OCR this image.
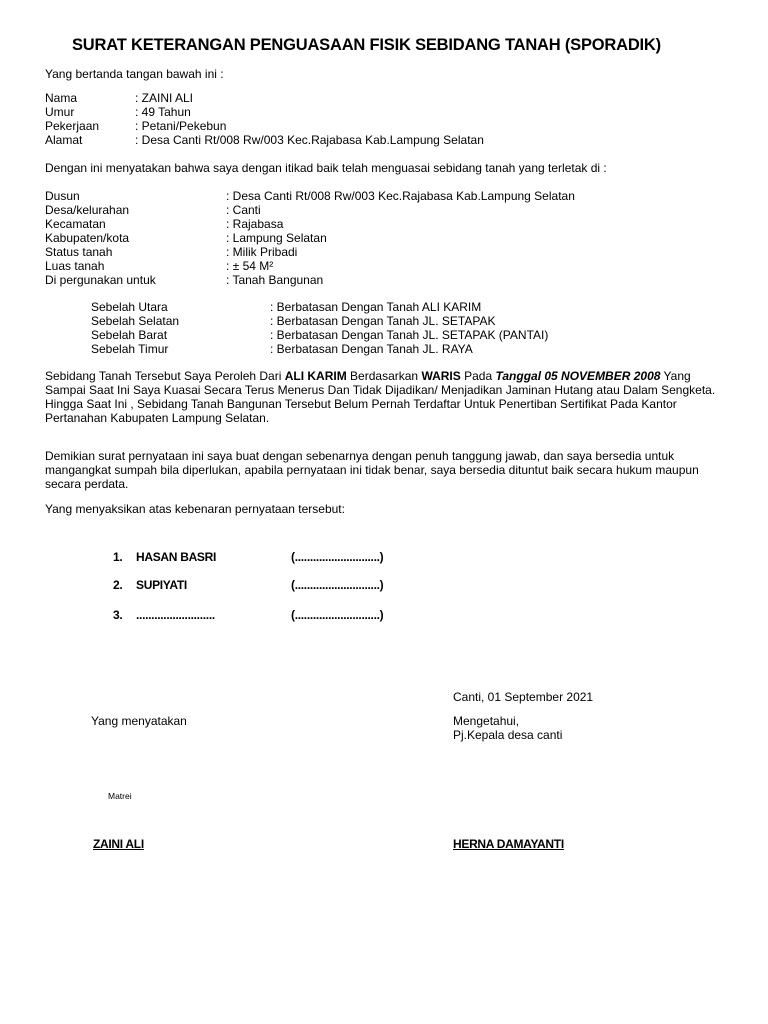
SURAT KETERANGAN PENGUASAAN FISIK SEBIDANG TANAH (SPORADIK)
Yang bertanda tangan bawah ini :
Nama	: ZAINI ALI
Umur	: 49 Tahun
Pekerjaan	: Petani/Pekebun
Alamat	: Desa Canti Rt/008 Rw/003 Kec.Rajabasa Kab.Lampung Selatan
Dengan ini menyatakan bahwa saya dengan itikad baik telah menguasai sebidang tanah yang terletak di :
Dusun	: Desa Canti Rt/008 Rw/003 Kec.Rajabasa Kab.Lampung Selatan
Desa/kelurahan	: Canti
Kecamatan	: Rajabasa
Kabupaten/kota	: Lampung Selatan
Status tanah	: Milik Pribadi
Luas tanah	: ± 54 M²
Di pergunakan untuk	: Tanah Bangunan
Sebelah Utara	: Berbatasan Dengan Tanah ALI KARIM
Sebelah Selatan	: Berbatasan Dengan Tanah JL. SETAPAK
Sebelah Barat	: Berbatasan Dengan Tanah JL. SETAPAK (PANTAI)
Sebelah Timur	: Berbatasan Dengan Tanah JL. RAYA
Sebidang Tanah Tersebut Saya Peroleh Dari ALI KARIM Berdasarkan WARIS Pada Tanggal 05 NOVEMBER 2008 Yang Sampai Saat Ini Saya Kuasai Secara Terus Menerus Dan Tidak Dijadikan/ Menjadikan Jaminan Hutang atau Dalam Sengketa. Hingga Saat Ini , Sebidang Tanah Bangunan Tersebut Belum Pernah Terdaftar Untuk Penertiban Sertifikat Pada Kantor Pertanahan Kabupaten Lampung Selatan.
Demikian surat pernyataan ini saya buat dengan sebenarnya dengan penuh tanggung jawab, dan saya bersedia untuk mangangkat sumpah bila diperlukan, apabila pernyataan ini tidak benar, saya bersedia dituntut baik secara hukum maupun secara perdata.
Yang menyaksikan atas kebenaran pernyataan tersebut:
1. HASAN BASRI	(............................)
2. SUPIYATI	(............................)
3. ..........................	(............................)
Canti, 01 September 2021
Yang menyatakan	Mengetahui,
Pj.Kepala desa canti
Matrei
ZAINI ALI	HERNA DAMAYANTI
